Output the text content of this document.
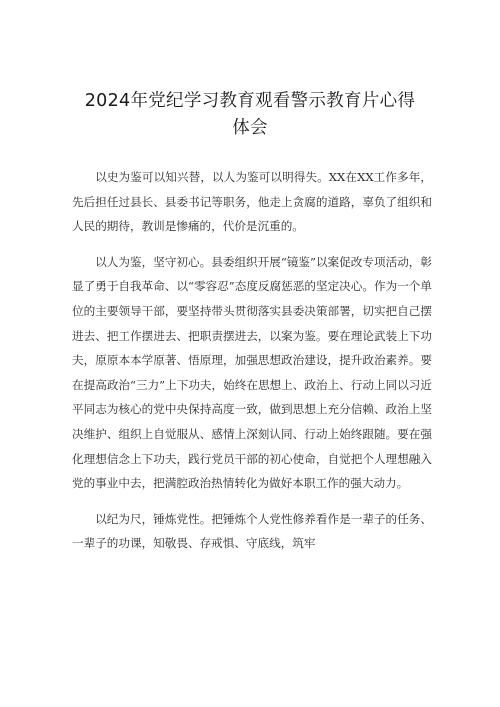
2024年党纪学习教育观看警示教育片心得
体会

以史为鉴可以知兴替，以人为鉴可以明得失。XX在XX工作多年，先后担任过县长、县委书记等职务，他走上贪腐的道路，辜负了组织和人民的期待，教训是惨痛的，代价是沉重的。

以人为鉴，坚守初心。县委组织开展“镜鉴”以案促改专项活动，彰显了勇于自我革命、以“零容忍”态度反腐惩恶的坚定决心。作为一个单位的主要领导干部，要坚持带头贯彻落实县委决策部署，切实把自己摆进去、把工作摆进去、把职责摆进去，以案为鉴。要在理论武装上下功夫，原原本本学原著、悟原理，加强思想政治建设，提升政治素养。要在提高政治“三力”上下功夫，始终在思想上、政治上、行动上同以习近平同志为核心的党中央保持高度一致，做到思想上充分信赖、政治上坚决维护、组织上自觉服从、感情上深刻认同、行动上始终跟随。要在强化理想信念上下功夫，践行党员干部的初心使命，自觉把个人理想融入党的事业中去，把满腔政治热情转化为做好本职工作的强大动力。

以纪为尺，锤炼党性。把锤炼个人党性修养看作是一辈子的任务、一辈子的功课，知敬畏、存戒惧、守底线，筑牢
